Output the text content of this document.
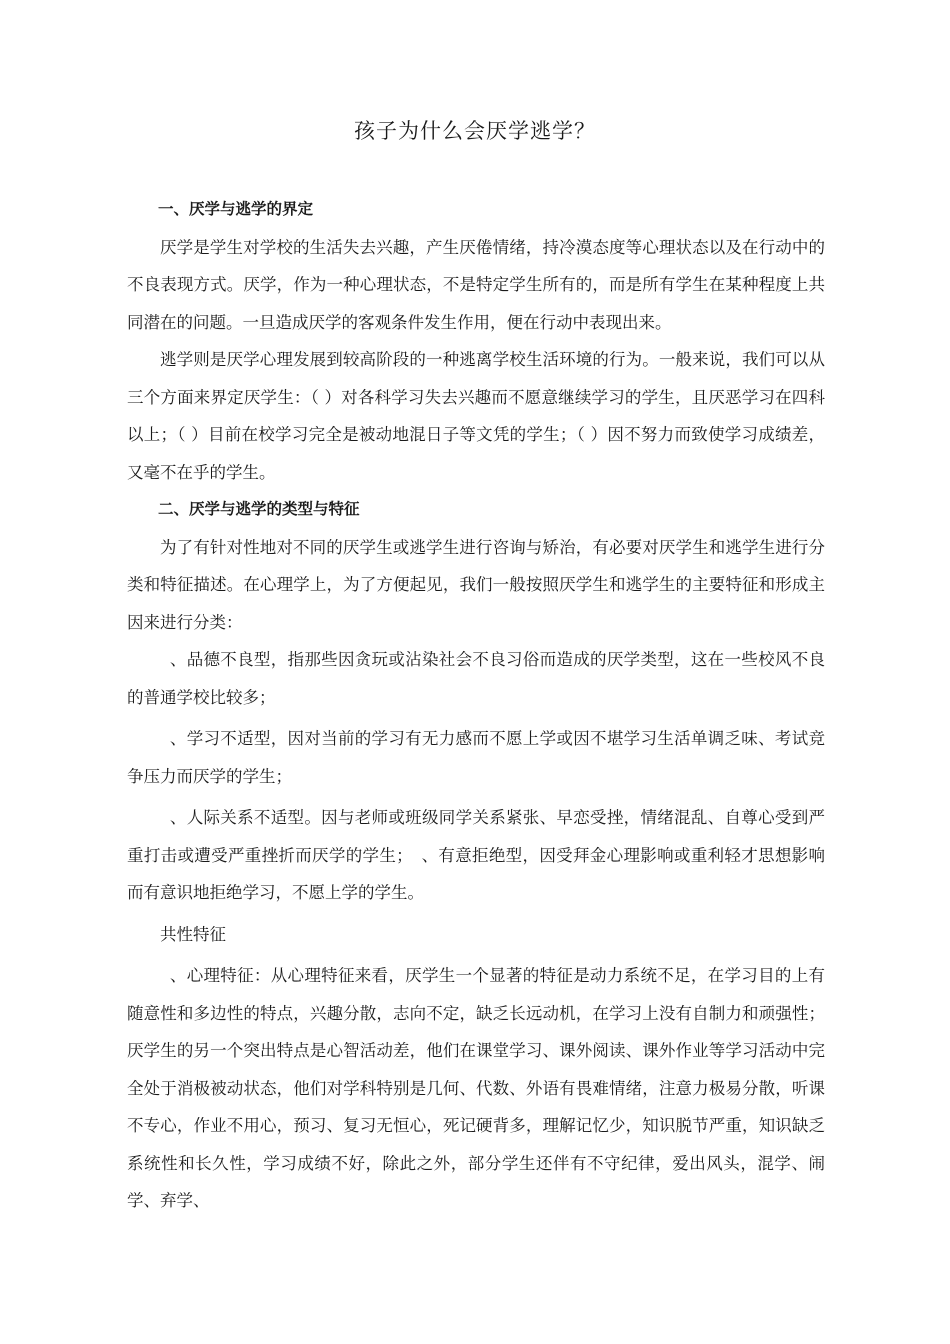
孩子为什么会厌学逃学？

一、厌学与逃学的界定

厌学是学生对学校的生活失去兴趣，产生厌倦情绪，持冷漠态度等心理状态以及在行动中的不良表现方式。厌学，作为一种心理状态，不是特定学生所有的，而是所有学生在某种程度上共同潜在的问题。一旦造成厌学的客观条件发生作用，便在行动中表现出来。

逃学则是厌学心理发展到较高阶段的一种逃离学校生活环境的行为。一般来说，我们可以从三个方面来界定厌学生：（ ）对各科学习失去兴趣而不愿意继续学习的学生，且厌恶学习在四科以上；（ ）目前在校学习完全是被动地混日子等文凭的学生；（ ）因不努力而致使学习成绩差，又毫不在乎的学生。

二、厌学与逃学的类型与特征

为了有针对性地对不同的厌学生或逃学生进行咨询与矫治，有必要对厌学生和逃学生进行分类和特征描述。在心理学上，为了方便起见，我们一般按照厌学生和逃学生的主要特征和形成主因来进行分类：

、品德不良型，指那些因贪玩或沾染社会不良习俗而造成的厌学类型，这在一些校风不良的普通学校比较多；

、学习不适型，因对当前的学习有无力感而不愿上学或因不堪学习生活单调乏味、考试竞争压力而厌学的学生；

、人际关系不适型。因与老师或班级同学关系紧张、早恋受挫，情绪混乱、自尊心受到严重打击或遭受严重挫折而厌学的学生；　、有意拒绝型，因受拜金心理影响或重利轻才思想影响而有意识地拒绝学习，不愿上学的学生。

共性特征

、心理特征：从心理特征来看，厌学生一个显著的特征是动力系统不足，在学习目的上有随意性和多边性的特点，兴趣分散，志向不定，缺乏长远动机，在学习上没有自制力和顽强性；厌学生的另一个突出特点是心智活动差，他们在课堂学习、课外阅读、课外作业等学习活动中完全处于消极被动状态，他们对学科特别是几何、代数、外语有畏难情绪，注意力极易分散，听课不专心，作业不用心，预习、复习无恒心，死记硬背多，理解记忆少，知识脱节严重，知识缺乏系统性和长久性，学习成绩不好，除此之外，部分学生还伴有不守纪律，爱出风头，混学、闹学、弃学、
